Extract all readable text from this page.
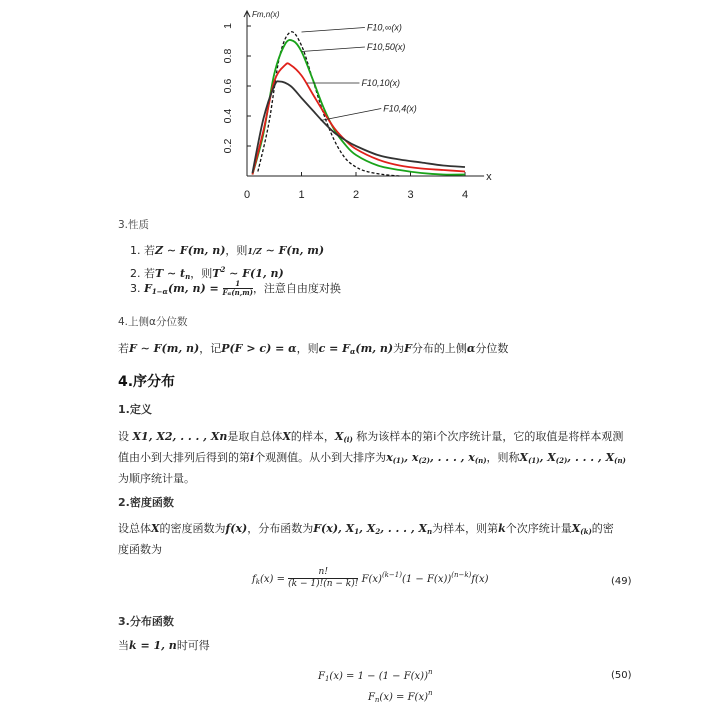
x
Fm,n(x)
0	1	2	3	4
0.2
0.4
0.6
0.8
1	F10,∞(x)
F10,50(x)
F10,10(x)
F10,4(x)
3.性质
1. 若Z ∼ F(m, n)，则1/Z ∼ F(n, m)
2. 若T ∼ $t_n$，则$T^2$ ∼ F(1, n)
3. $F_{1-\alpha}(m$, $n) = \frac{1}{F\alpha(n,m)}$ ，注意自由度对换
4.上侧α分位数
若F ∼ F(m, n)，记P(F > c) = α，则$c = F_\alpha(m$, n)为F分布的上侧α分位数
4.序分布
1.定义
设 X1, X2, . . . , Xn是取自总体X的样本，$X_{(i)}$ 称为该样本的第i个次序统计量，它的取值是将样本观测
值由小到大排列后得到的第i个观测值。从小到大排序为$x_{(1)}$, $x_{(2)}$, . . . , $x_{(n)}$，则称$X_{(1)}$, $X_{(2)}$, . . . , $X_{(n)}$
为顺序统计量。
2.密度函数
设总体X的密度函数为f(x)，分布函数为F(x), $X_1$, $X_2$, . . . , $X_n$为样本，则第k个次序统计量$X_{(k)}$的密
度函数为
$f_k(x) = \frac{n!}{(k - 1)!(n - k)!} F(x)^{(k-1)}(1 - F(x))^{(n-k)}f(x)$	(49)
3.分布函数
当k = 1, n时可得
$F_1(x) = 1 - (1 - F(x))^n$
$F_n(x) = F(x)^n$
(50)
